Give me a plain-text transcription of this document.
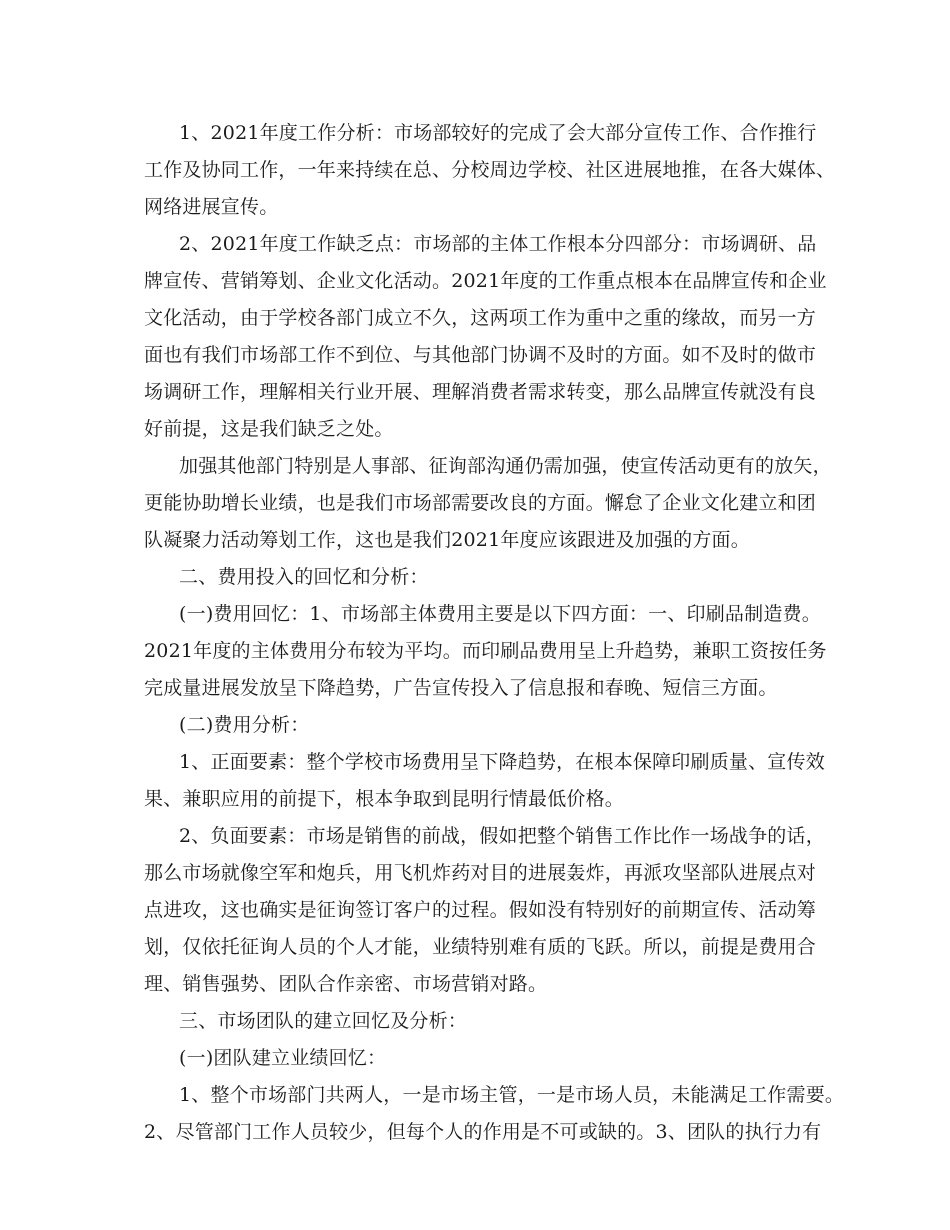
1、2021年度工作分析：市场部较好的完成了会大部分宣传工作、合作推行
工作及协同工作，一年来持续在总、分校周边学校、社区进展地推，在各大媒体、
网络进展宣传。
2、2021年度工作缺乏点：市场部的主体工作根本分四部分：市场调研、品
牌宣传、营销筹划、企业文化活动。2021年度的工作重点根本在品牌宣传和企业
文化活动，由于学校各部门成立不久，这两项工作为重中之重的缘故，而另一方
面也有我们市场部工作不到位、与其他部门协调不及时的方面。如不及时的做市
场调研工作，理解相关行业开展、理解消费者需求转变，那么品牌宣传就没有良
好前提，这是我们缺乏之处。
加强其他部门特别是人事部、征询部沟通仍需加强，使宣传活动更有的放矢，
更能协助增长业绩，也是我们市场部需要改良的方面。懈怠了企业文化建立和团
队凝聚力活动筹划工作，这也是我们2021年度应该跟进及加强的方面。
二、费用投入的回忆和分析：
(一)费用回忆：1、市场部主体费用主要是以下四方面：一、印刷品制造费。
2021年度的主体费用分布较为平均。而印刷品费用呈上升趋势，兼职工资按任务
完成量进展发放呈下降趋势，广告宣传投入了信息报和春晚、短信三方面。
(二)费用分析：
1、正面要素：整个学校市场费用呈下降趋势，在根本保障印刷质量、宣传效
果、兼职应用的前提下，根本争取到昆明行情最低价格。
2、负面要素：市场是销售的前战，假如把整个销售工作比作一场战争的话，
那么市场就像空军和炮兵，用飞机炸药对目的进展轰炸，再派攻坚部队进展点对
点进攻，这也确实是征询签订客户的过程。假如没有特别好的前期宣传、活动筹
划，仅依托征询人员的个人才能，业绩特别难有质的飞跃。所以，前提是费用合
理、销售强势、团队合作亲密、市场营销对路。
三、市场团队的建立回忆及分析：
(一)团队建立业绩回忆：
1、整个市场部门共两人，一是市场主管，一是市场人员，未能满足工作需要。
2、尽管部门工作人员较少，但每个人的作用是不可或缺的。3、团队的执行力有
